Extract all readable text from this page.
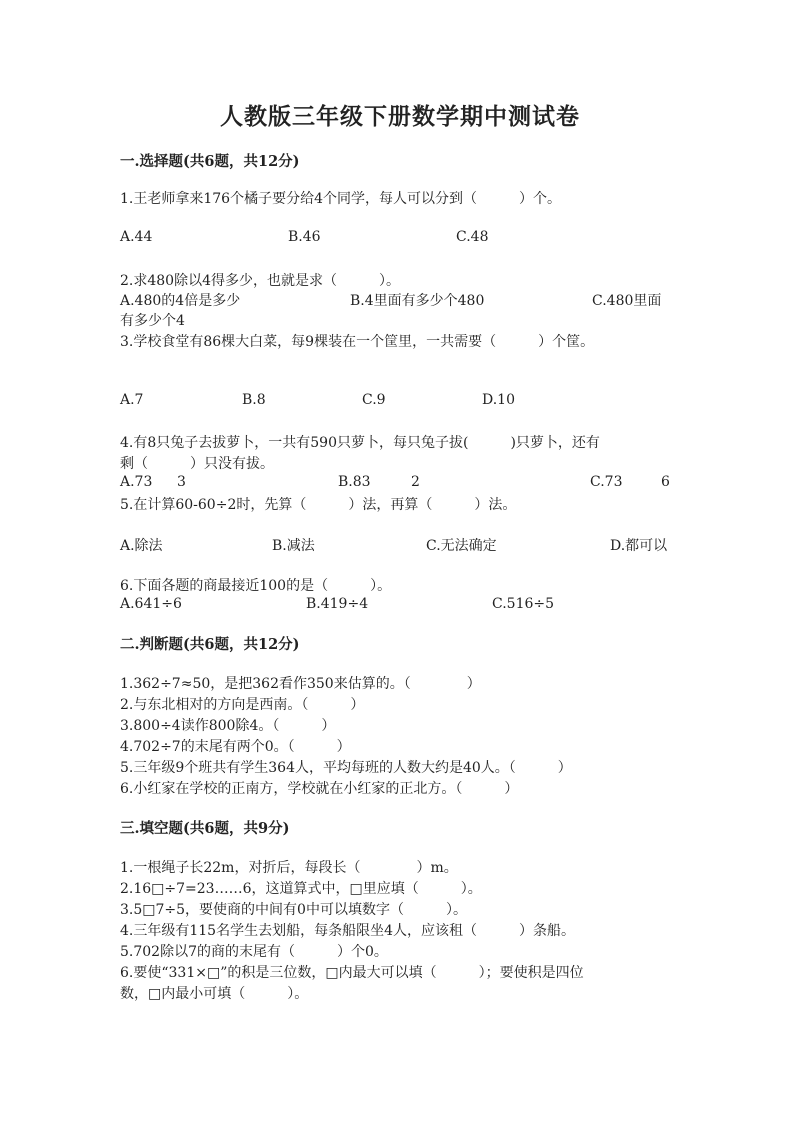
人教版三年级下册数学期中测试卷
一.选择题(共6题，共12分)
1.王老师拿来176个橘子要分给4个同学，每人可以分到（　　　）个。
A.44	B.46	C.48
2.求480除以4得多少，也就是求（　　　）。
A.480的4倍是多少	B.4里面有多少个480	C.480里面
有多少个4
3.学校食堂有86棵大白菜，每9棵装在一个筐里，一共需要（　　　）个筐。
A.7	B.8	C.9	D.10
4.有8只兔子去拔萝卜，一共有590只萝卜，每只兔子拔(　　　)只萝卜，还有
剩（　　　）只没有拔。
A.73 3	B.83	2	C.73	6
5.在计算60-60÷2时，先算（　　　）法，再算（　　　）法。
A.除法	B.减法	C.无法确定	D.都可以
6.下面各题的商最接近100的是（　　　）。
A.641÷6	B.419÷4	C.516÷5
二.判断题(共6题，共12分)
1.362÷7≈50，是把362看作350来估算的。（　　　　）
2.与东北相对的方向是西南。（　　　）
3.800÷4读作800除4。（　　　）
4.702÷7的末尾有两个0。（　　　）
5.三年级9个班共有学生364人，平均每班的人数大约是40人。（　　　）
6.小红家在学校的正南方，学校就在小红家的正北方。（　　　）
三.填空题(共6题，共9分)
1.一根绳子长22m，对折后，每段长（　　　　）m。
2.16□÷7=23……6，这道算式中，□里应填（　　　）。
3.5□7÷5，要使商的中间有0中可以填数字（　　　）。
4.三年级有115名学生去划船，每条船限坐4人，应该租（　　　）条船。
5.702除以7的商的末尾有（　　　）个0。
6.要使“331×□”的积是三位数，□内最大可以填（　　　）；要使积是四位
数，□内最小可填（　　　）。
